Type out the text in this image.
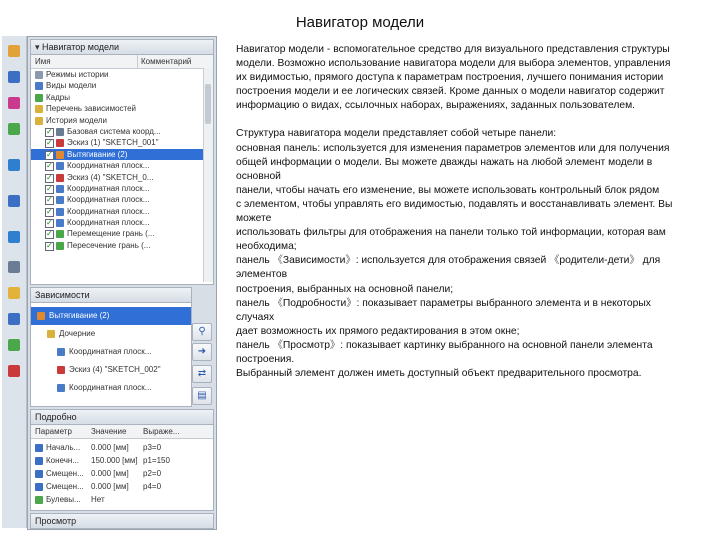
Навигатор модели
▾ Навигатор модели
Имя	Комментарий
Режимы истории
Виды модели
Кадры
Перечень зависимостей
История модели
✓
Базовая система коорд...
✓
Эскиз (1) "SKETCH_001"
✓
Вытягивание (2)
✓
Координатная плоск...
✓
Эскиз (4) "SKETCH_0...
✓
Координатная плоск...
✓
Координатная плоск...
✓
Координатная плоск...
✓
Координатная плоск...
✓
Перемещение грань (...
✓
Пересечение грань (...
Зависимости
Вытягивание (2)
Дочерние
Координатная плоск...
Эскиз (4) "SKETCH_002"
Координатная плоск...
⚲
➜
⇄
▤
Подробно
Параметр Значение Выраже...
Началь...	0.000 [мм]	p3=0
Конечн...	150.000 [мм] p1=150
Смещен... 0.000 [мм]	p2=0
Смещен... 0.000 [мм]	p4=0
Булевы...	Нет
Просмотр

Навигатор модели - вспомогательное средство для визуального представления структуры

модели. Возможно использование навигатора модели для выбора элементов, управления

их видимостью, прямого доступа к параметрам построения, лучшего понимания истории

построения модели и ее логических связей. Кроме данных о модели навигатор содержит

информацию о видах, ссылочных наборах, выражениях, заданных пользователем.

Структура навигатора модели представляет собой четыре панели:

основная панель: используется для изменения параметров элементов или для получения

общей информации о модели. Вы можете дважды нажать на любой элемент модели в

основной

панели, чтобы начать его изменение, вы можете использовать контрольный блок рядом

с элементом, чтобы управлять его видимостью, подавлять и восстанавливать элемент. Вы

можете

использовать фильтры для отображения на панели только той информации, которая вам

необходима;

панель 《Зависимости》: используется для отображения связей 《родители-дети》 для

элементов

построения, выбранных на основной панели;

панель 《Подробности》: показывает параметры выбранного элемента и в некоторых

случаях

дает возможность их прямого редактирования в этом окне;

панель 《Просмотр》: показывает картинку выбранного на основной панели элемента

построения.

Выбранный элемент должен иметь доступный объект предварительного просмотра.
